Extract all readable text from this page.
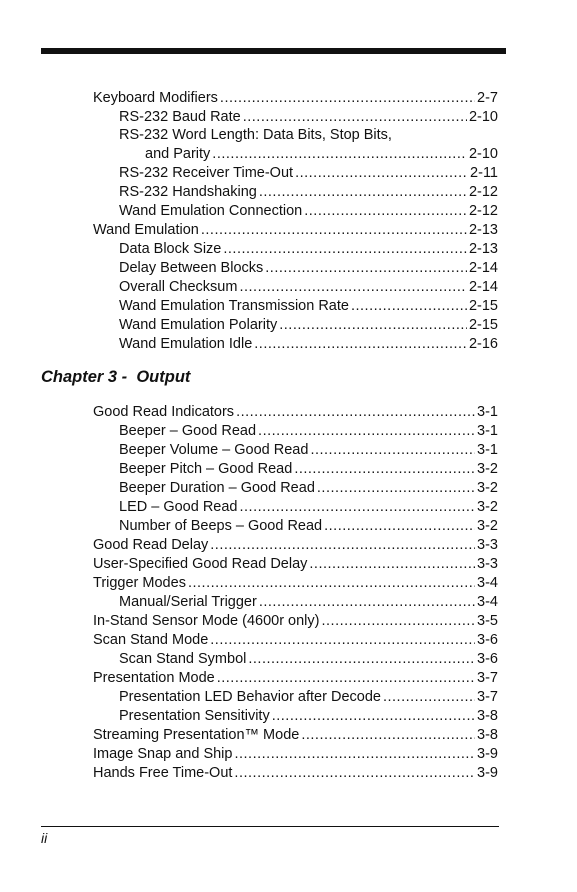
Keyboard Modifiers .....	2-7
RS-232 Baud Rate .....	2-10
RS-232 Word Length: Data Bits, Stop Bits,
and Parity .....	2-10
RS-232 Receiver Time-Out .....	2-11
RS-232 Handshaking .....	2-12
Wand Emulation Connection .....	2-12
Wand Emulation .....	2-13
Data Block Size .....	2-13
Delay Between Blocks .....	2-14
Overall Checksum .....	2-14
Wand Emulation Transmission Rate .....	2-15
Wand Emulation Polarity .....	2-15
Wand Emulation Idle .....	2-16
Chapter 3 -  Output
Good Read Indicators .....	3-1
Beeper – Good Read .....	3-1
Beeper Volume – Good Read .....	3-1
Beeper Pitch – Good Read .....	3-2
Beeper Duration – Good Read .....	3-2
LED – Good Read .....	3-2
Number of Beeps – Good Read .....	3-2
Good Read Delay .....	3-3
User-Specified Good Read Delay .....	3-3
Trigger Modes .....	3-4
Manual/Serial Trigger .....	3-4
In-Stand Sensor Mode (4600r only) .....	3-5
Scan Stand Mode .....	3-6
Scan Stand Symbol .....	3-6
Presentation Mode .....	3-7
Presentation LED Behavior after Decode .....	3-7
Presentation Sensitivity .....	3-8
Streaming Presentation™ Mode .....	3-8
Image Snap and Ship .....	3-9
Hands Free Time-Out .....	3-9
ii
